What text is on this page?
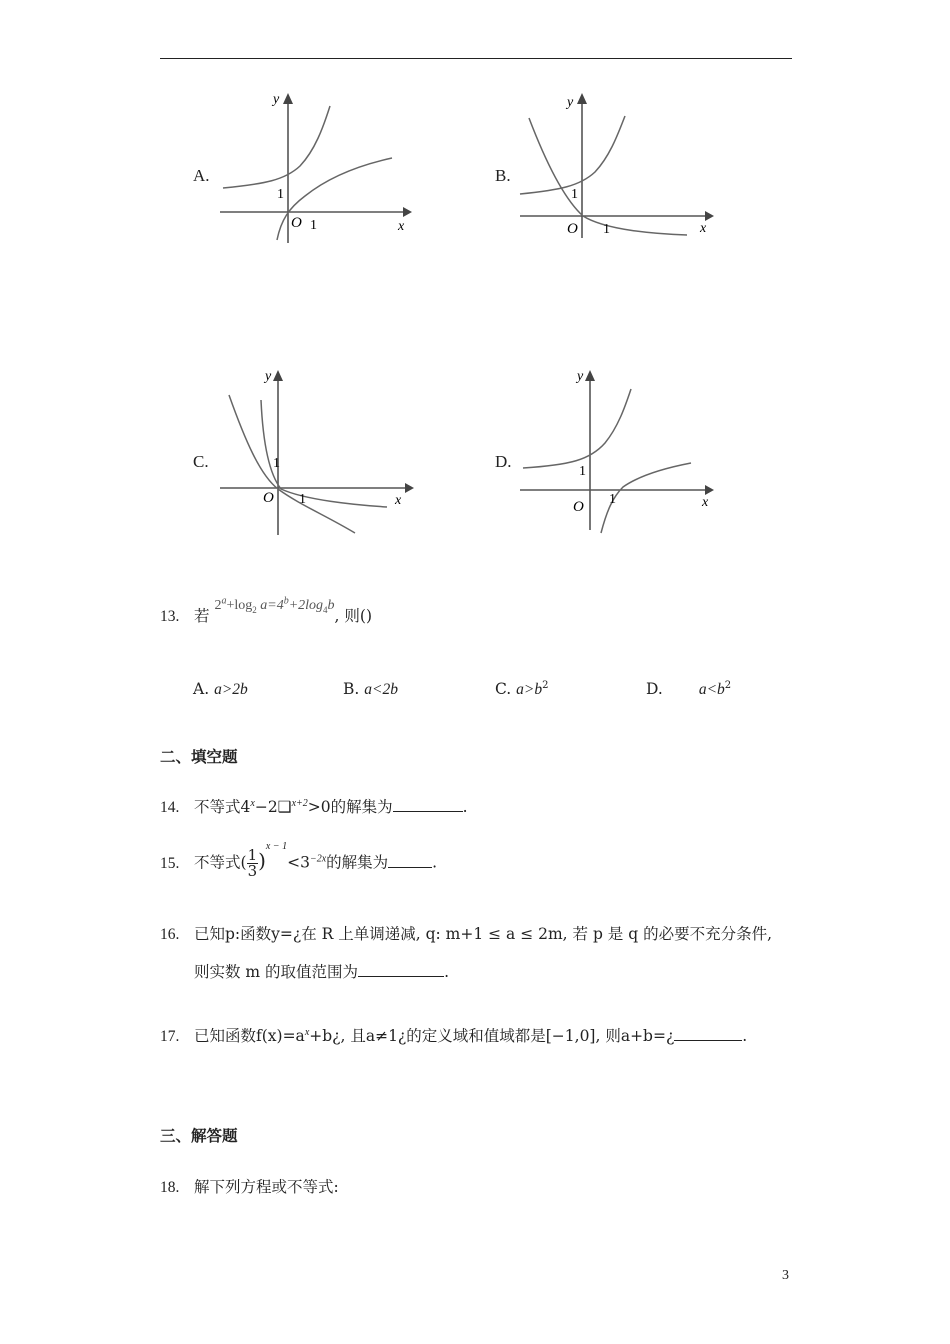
A.
y
x
1
1
O
B.
y
x
1
1
O
C.
y
x
1
1
O
D.
y
x
1
1
O
13. 若 $2^a+\log_2$ $a=4^b+2\log_4b$, 则()
A. a>2b	B. a<2b	C. $a>b^2$	D. $a<b^2$
二、填空题
14. 不等式$4^x-2❑^{x+2}>0$的解集为	.
15. 不等式( $\frac{1}{3} )^{x - 1}<3^{-2x}$的解集为	.
16. 已知p:函数y=¿在 R 上单调递减, q: m+1 ≤ a ≤ 2m, 若 p 是 q 的必要不充分条件,
则实数 m 的取值范围为	.
17. 已知函数$f(x)=a^x+b¿$, 且a≠1¿的定义域和值域都是[−1,0], 则a+b=¿	.
三、解答题
18. 解下列方程或不等式:
3
